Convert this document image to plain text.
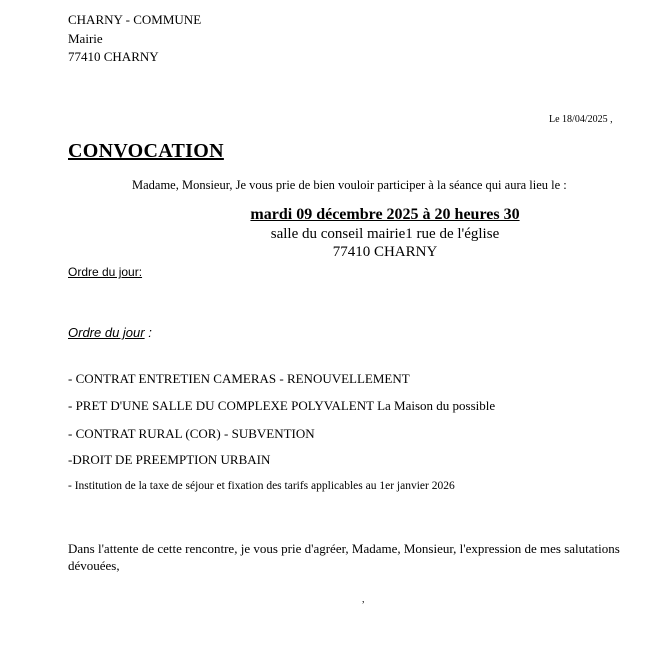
CHARNY - COMMUNE
Mairie
77410 CHARNY
Le 18/04/2025 ,
CONVOCATION
Madame, Monsieur, Je vous prie de bien vouloir participer à la séance qui aura lieu le :
mardi 09 décembre 2025 à 20 heures 30
salle du conseil mairie1 rue de l'église
77410 CHARNY
Ordre du jour:
Ordre du jour :
- CONTRAT ENTRETIEN CAMERAS - RENOUVELLEMENT
- PRET D'UNE SALLE DU COMPLEXE POLYVALENT La Maison du possible
- CONTRAT RURAL (COR) - SUBVENTION
-DROIT DE PREEMPTION URBAIN
- Institution de la taxe de séjour et fixation des tarifs applicables au 1er janvier 2026
Dans l'attente de cette rencontre, je vous prie d'agréer, Madame, Monsieur, l'expression de mes salutations dévouées,
,
